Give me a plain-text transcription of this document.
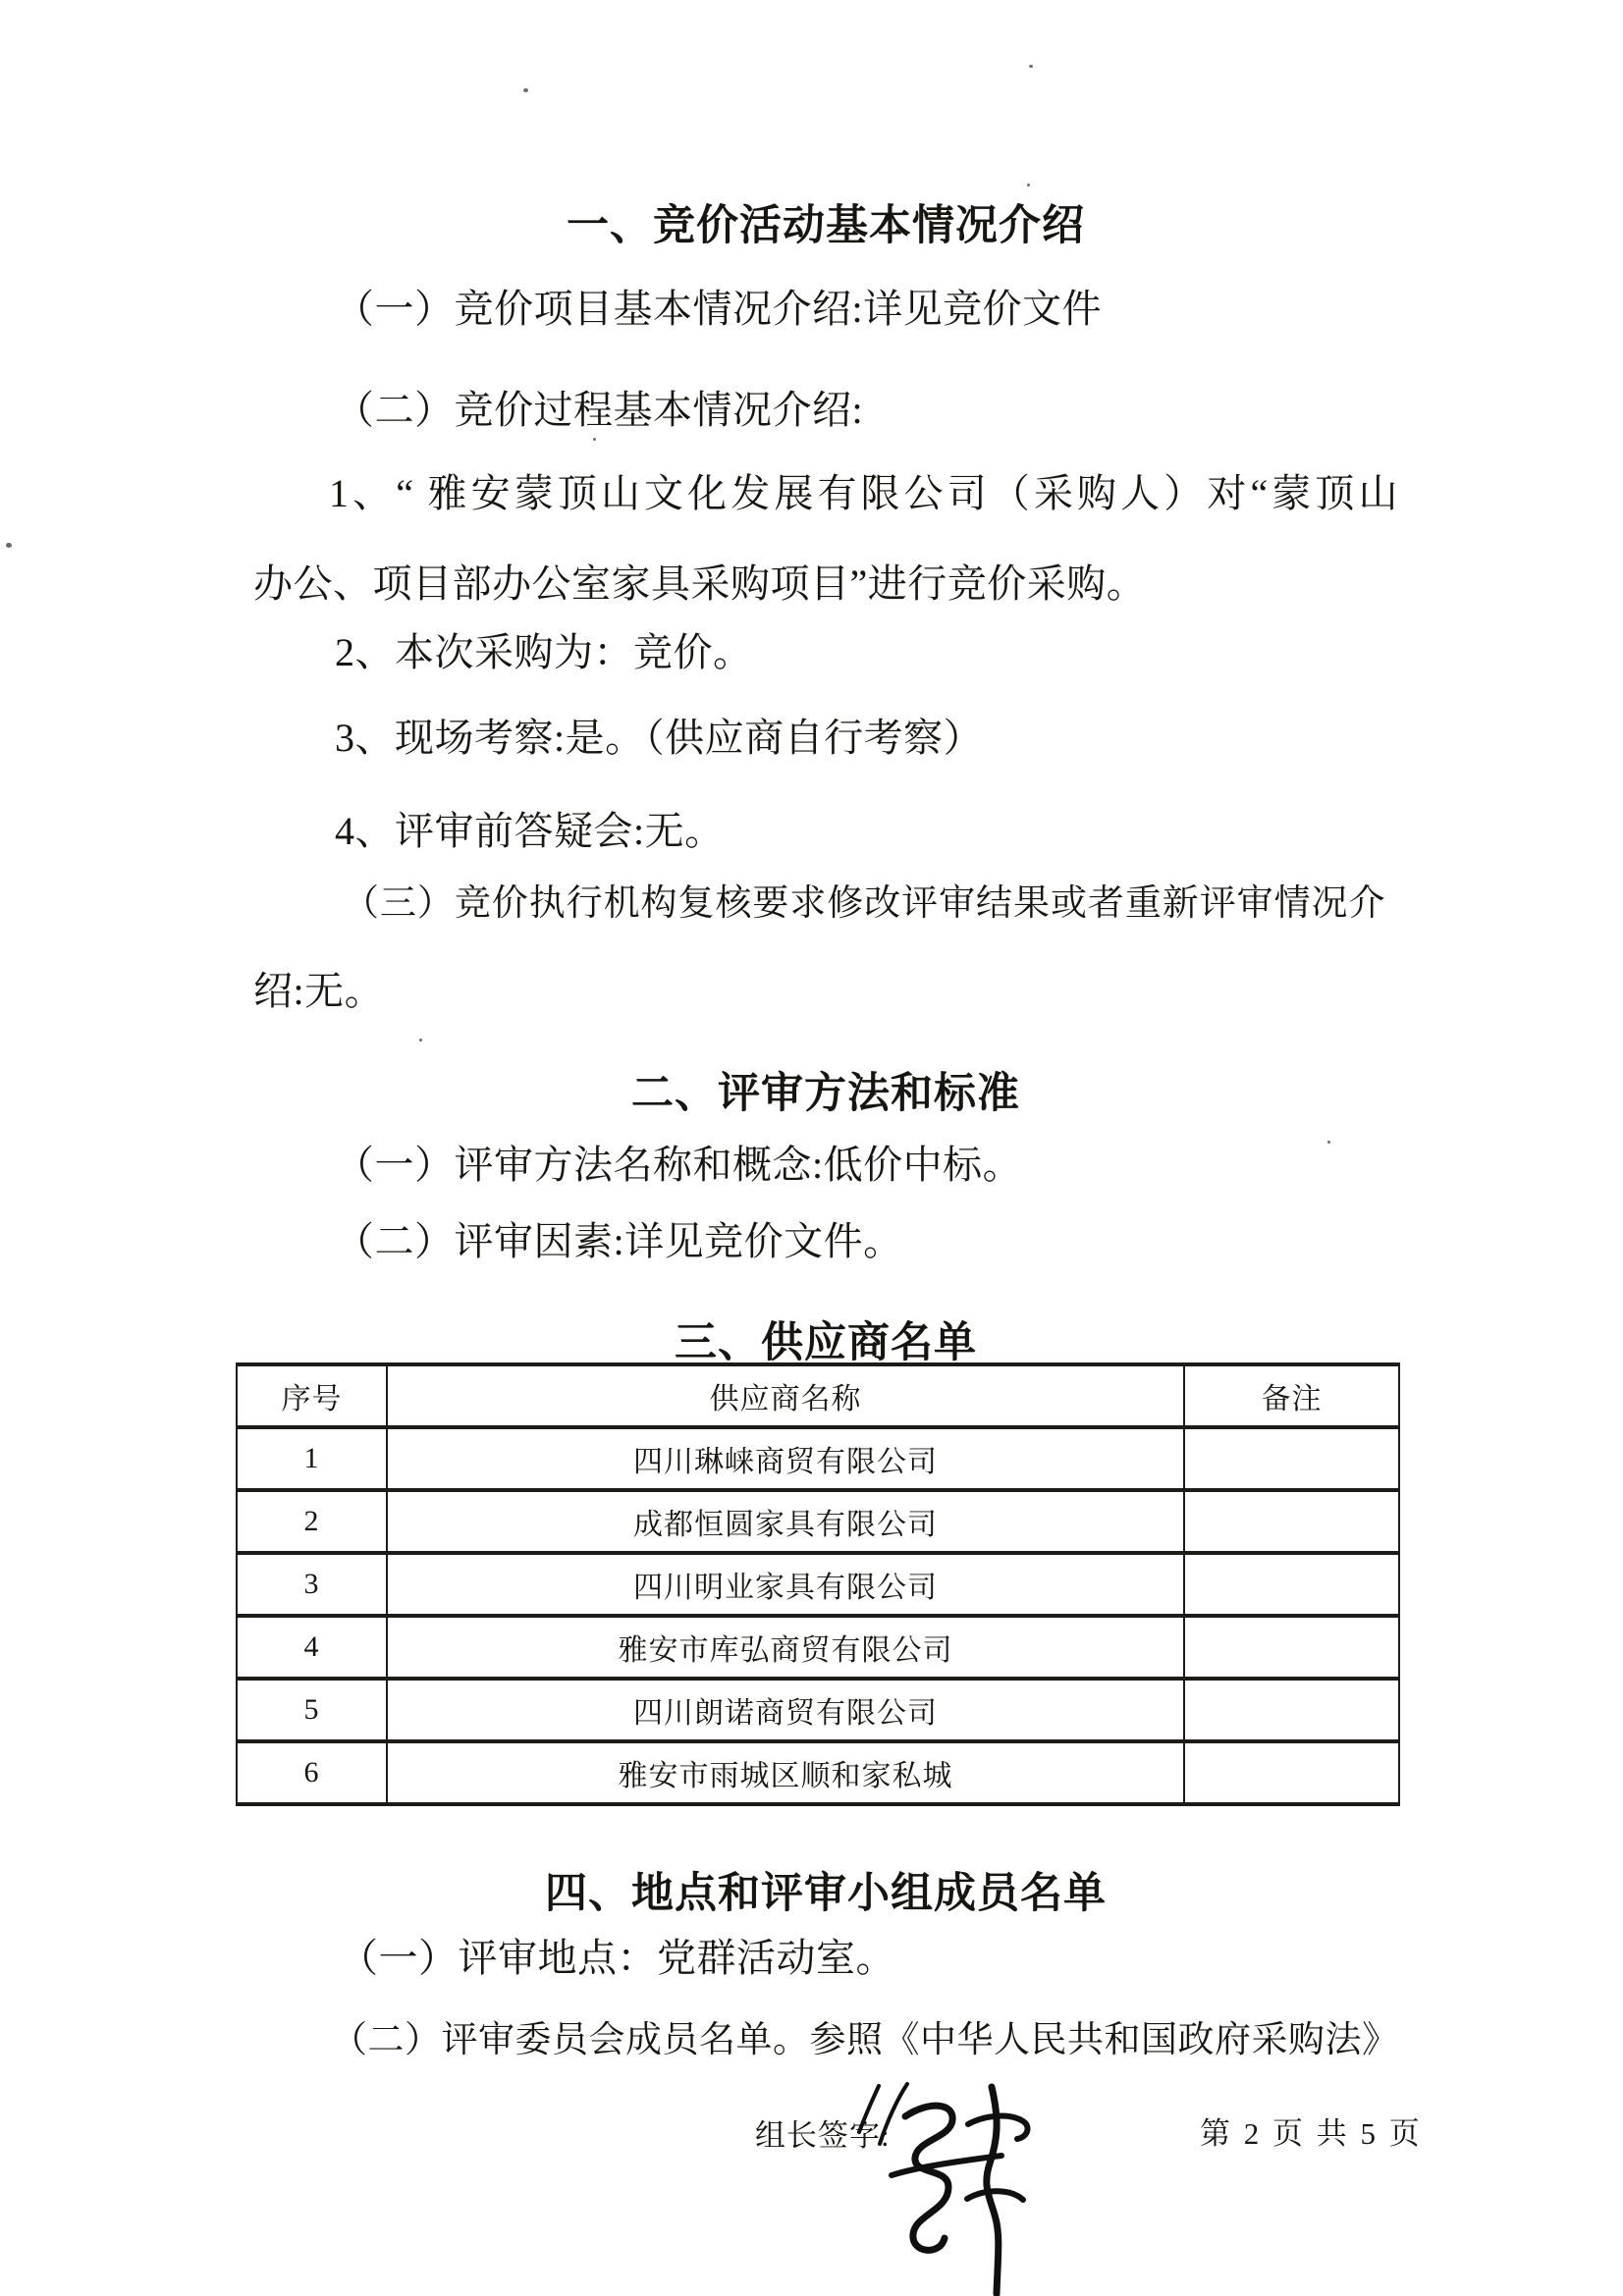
一、竞价活动基本情况介绍
（一）竞价项目基本情况介绍:详见竞价文件
（二）竞价过程基本情况介绍:
1、“ 雅安蒙顶山文化发展有限公司（采购人）对“蒙顶山
办公、项目部办公室家具采购项目”进行竞价采购。
2、本次采购为：竞价。
3、现场考察:是。（供应商自行考察）
4、评审前答疑会:无。
（三）竞价执行机构复核要求修改评审结果或者重新评审情况介
绍:无。
二、评审方法和标准
（一）评审方法名称和概念:低价中标。
（二）评审因素:详见竞价文件。
三、供应商名单
序号	供应商名称	备注
1	四川琳崃商贸有限公司	
2	成都恒圆家具有限公司	
3	四川明业家具有限公司	
4	雅安市库弘商贸有限公司	
5	四川朗诺商贸有限公司	
6	雅安市雨城区顺和家私城	
四、地点和评审小组成员名单
（一）评审地点：党群活动室。
（二）评审委员会成员名单。参照《中华人民共和国政府采购法》
组长签字:	第 2 页 共 5 页
